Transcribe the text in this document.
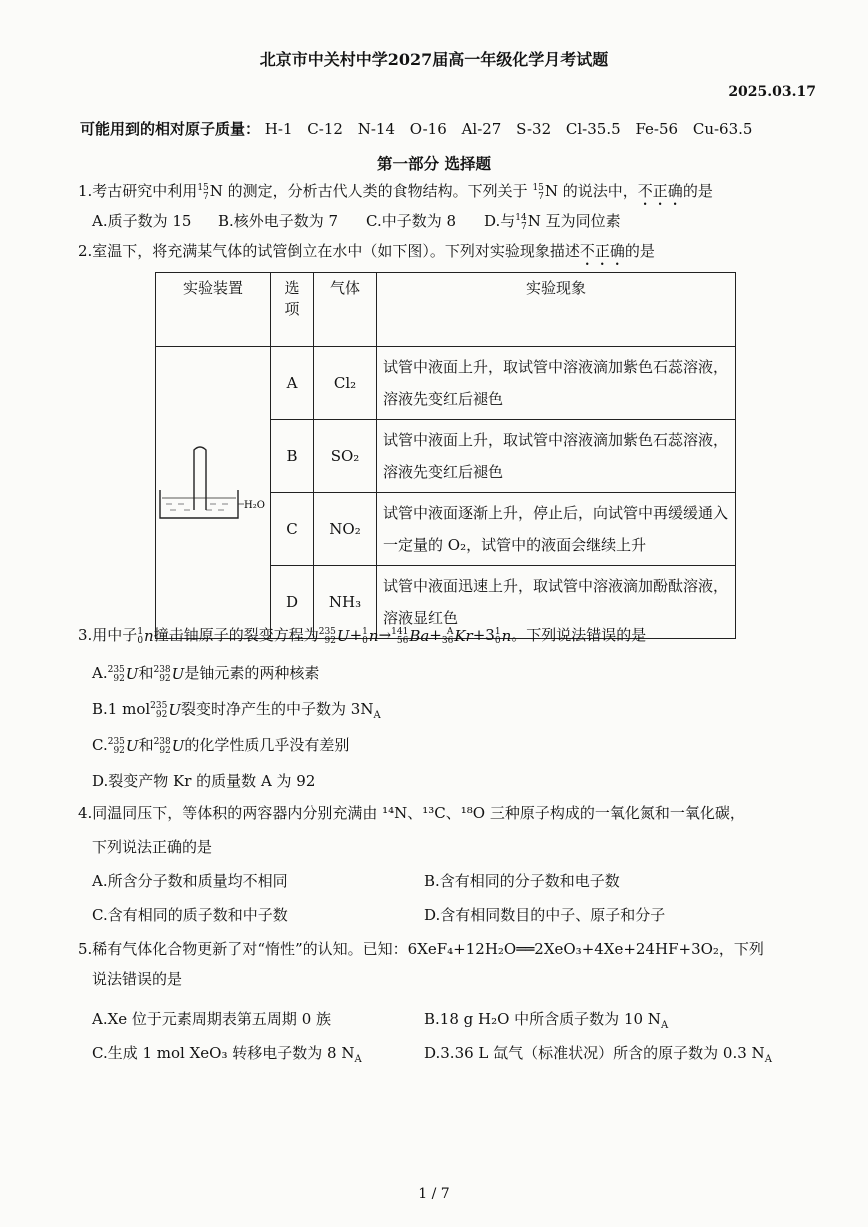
北京市中关村中学2027届高一年级化学月考试题
2025.03.17
可能用到的相对原子质量： H-1 C-12 N-14 O-16 Al-27 S-32 Cl-35.5 Fe-56 Cu-63.5
第一部分 选择题
1.考古研究中利用 15
7 N 的测定，分析古代人类的食物结构。下列关于 15
7 N 的说法中，不正确的是
A.质子数为 15 B.核外电子数为 7 C.中子数为 8 D.与 14
7 N 互为同位素
2.室温下，将充满某气体的试管倒立在水中（如下图）。下列对实验现象描述不正确的是
实验装置	选
项	气体	实验现象

H₂O	A	Cl₂	试管中液面上升，取试管中溶液滴加紫色石蕊溶液，溶液先变红后褪色
	B	SO₂	试管中液面上升，取试管中溶液滴加紫色石蕊溶液，溶液先变红后褪色
	C	NO₂	试管中液面逐渐上升，停止后，向试管中再缓缓通入一定量的 O₂，试管中的液面会继续上升
	D	NH₃	试管中液面迅速上升，取试管中溶液滴加酚酞溶液，溶液显红色
3.用中子 1
0 n撞击铀原子的裂变方程为 235
92 U+ 1
0 n→ 141
56 Ba+ A
36 Kr+3 1
0 n。下列说法错误的是
A. 235
92 U和 238
92 U是铀元素的两种核素
B.1 mol 235
92 U裂变时净产生的中子数为 $3N_A$
C. 235
92 U和 238
92 U的化学性质几乎没有差别
D.裂变产物 Kr 的质量数 A 为 92
4.同温同压下，等体积的两容器内分别充满由 ¹⁴N、¹³C、¹⁸O 三种原子构成的一氧化氮和一氧化碳，
下列说法正确的是
A.所含分子数和质量均不相同	B.含有相同的分子数和电子数
C.含有相同的质子数和中子数	D.含有相同数目的中子、原子和分子
5.稀有气体化合物更新了对“惰性”的认知。已知：6XeF₄+12H₂O══2XeO₃+4Xe+24HF+3O₂，下列
说法错误的是
A.Xe 位于元素周期表第五周期 0 族	B.18 g H₂O 中所含质子数为 10 $N_A$
C.生成 1 mol XeO₃ 转移电子数为 8 $N_A$	D.3.36 L 氙气（标准状况）所含的原子数为 0.3 $N_A$
1 / 7
